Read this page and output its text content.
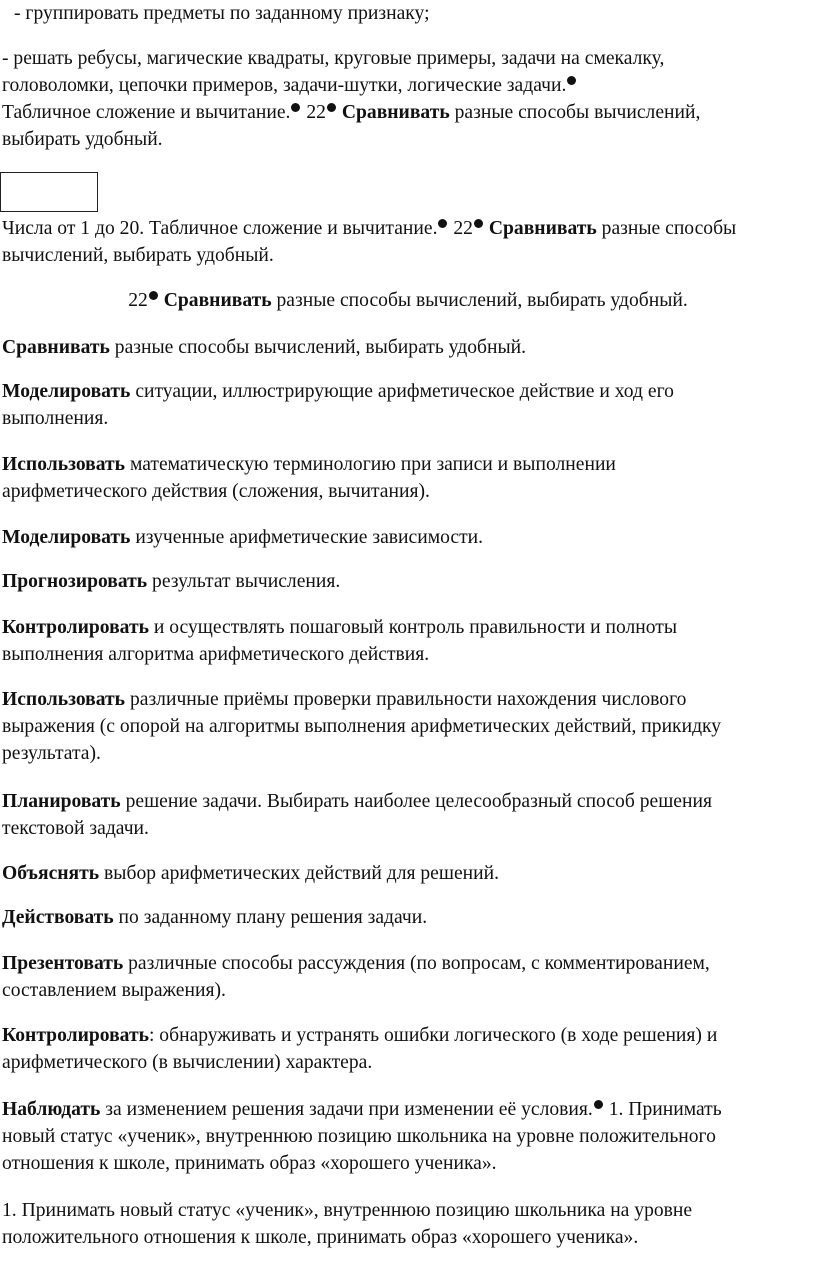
- группировать предметы по заданному признаку;

- решать ребусы, магические квадраты, круговые примеры, задачи на смекалку,
головоломки, цепочки примеров, задачи-шутки, логические задачи.
Табличное сложение и вычитание. 22 Сравнивать разные способы вычислений,
выбирать удобный.

Числа от 1 до 20. Табличное сложение и вычитание. 22 Сравнивать разные способы
вычислений, выбирать удобный.

22 Сравнивать разные способы вычислений, выбирать удобный.

Сравнивать разные способы вычислений, выбирать удобный.

Моделировать ситуации, иллюстрирующие арифметическое действие и ход его
выполнения.

Использовать математическую терминологию при записи и выполнении
арифметического действия (сложения, вычитания).

Моделировать изученные арифметические зависимости.

Прогнозировать результат вычисления.

Контролировать и осуществлять пошаговый контроль правильности и полноты
выполнения алгоритма арифметического действия.

Использовать различные приёмы проверки правильности нахождения числового
выражения (с опорой на алгоритмы выполнения арифметических действий, прикидку
результата).

Планировать решение задачи. Выбирать наиболее целесообразный способ решения
текстовой задачи.

Объяснять выбор арифметических действий для решений.

Действовать по заданному плану решения задачи.

Презентовать различные способы рассуждения (по вопросам, с комментированием,
составлением выражения).

Контролировать: обнаруживать и устранять ошибки логического (в ходе решения) и
арифметического (в вычислении) характера.

Наблюдать за изменением решения задачи при изменении её условия. 1. Принимать
новый статус «ученик», внутреннюю позицию школьника на уровне положительного
отношения к школе, принимать образ «хорошего ученика».

1. Принимать новый статус «ученик», внутреннюю позицию школьника на уровне
положительного отношения к школе, принимать образ «хорошего ученика».
